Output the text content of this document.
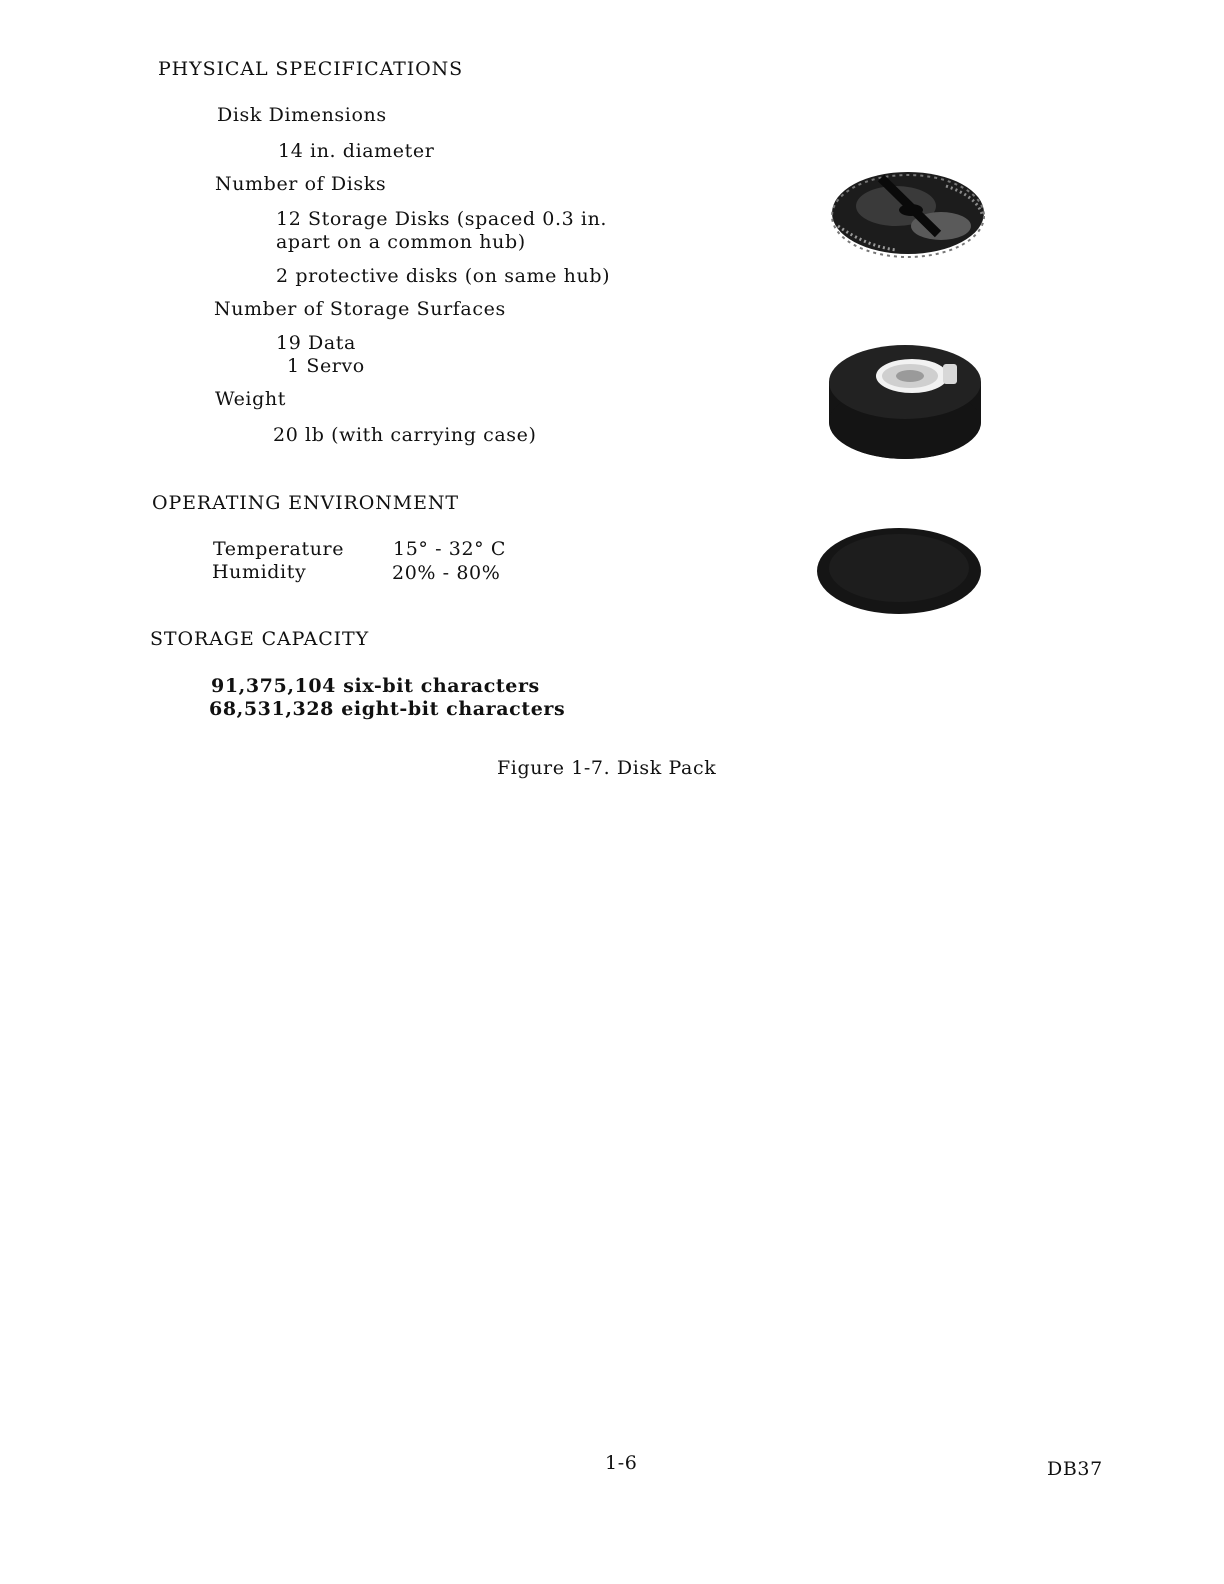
PHYSICAL SPECIFICATIONS
Disk Dimensions
14 in. diameter
Number of Disks
12 Storage Disks (spaced 0.3 in.
apart on a common hub)
2 protective disks (on same hub)
Number of Storage Surfaces
19 Data
1 Servo
Weight
20 lb (with carrying case)
OPERATING ENVIRONMENT
Temperature	15° - 32° C
Humidity	20% - 80%
STORAGE CAPACITY
91,375,104 six-bit characters
68,531,328 eight-bit characters
Figure 1-7. Disk Pack
1-6	DB37
